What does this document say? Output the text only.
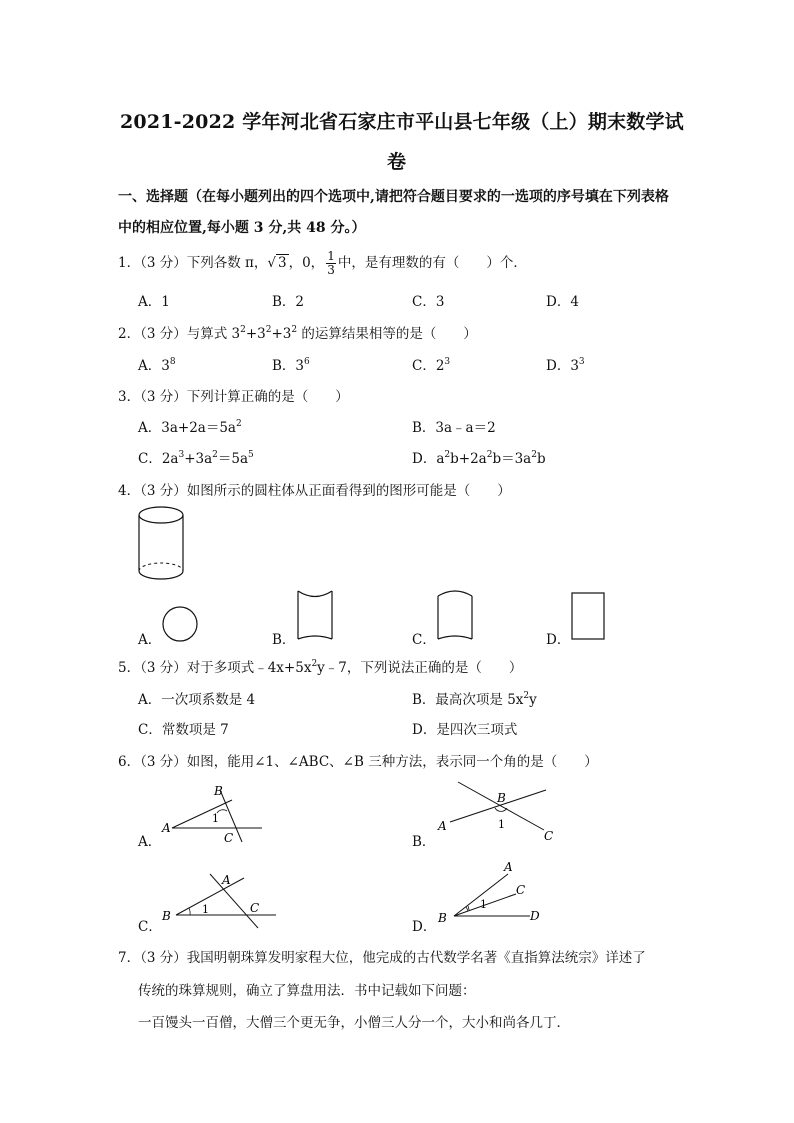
2021-2022 学年河北省石家庄市平山县七年级（上）期末数学试
卷
一、选择题（在每小题列出的四个选项中,请把符合题目要求的一选项的序号填在下列表格
中的相应位置,每小题 3 分,共 48 分。）
1．（3 分）下列各数 π，√ 3 ，0， $\frac{1}{3}$ 中，是有理数的有（　　）个．
A．1	B．2	C．3	D．4
2．（3 分）与算式 $3^2+3^2+3^2$ 的运算结果相等的是（　　）
A．$3^8$	B．$3^6$	C．$2^3$	D．$3^3$
3．（3 分）下列计算正确的是（　　）
A．$3a+2a=5a^2$	B．3a﹣a＝2
C．$2a^3+3a^2=5a^5$	D．$a^2b+2a^2b=3a^2b$
4．（3 分）如图所示的圆柱体从正面看得到的图形可能是（　　）
A．	B．	C．	D．
5．（3 分）对于多项式$﹣4x+5x^2y﹣7$，下列说法正确的是（　　）
A．一次项系数是 4	B．最高次项是 $5x^2y$
C．常数项是 7	D．是四次三项式
6．（3 分）如图，能用∠1、∠ABC、∠B 三种方法，表示同一个角的是（　　）
A．
A
B
C
1
B．
A
B
C
1
C．
B
A
C
1
D．
B
A
C
D
1
7．（3 分）我国明朝珠算发明家程大位，他完成的古代数学名著《直指算法统宗》详述了
传统的珠算规则，确立了算盘用法．书中记载如下问题：
一百馒头一百僧，大僧三个更无争，小僧三人分一个，大小和尚各几丁．
